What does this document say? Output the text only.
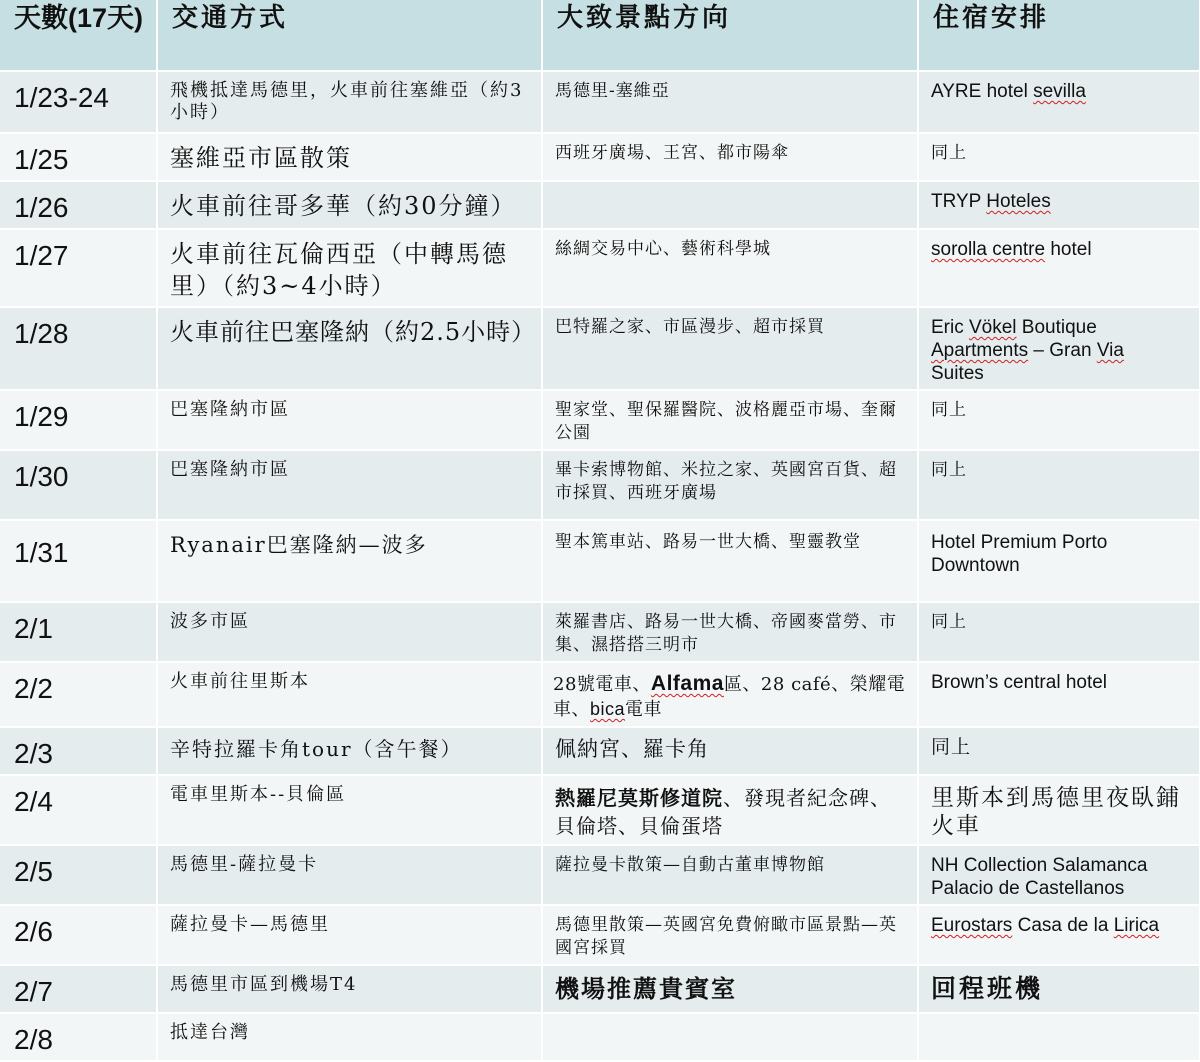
天數(17天)	交通方式	大致景點方向	住宿安排
1/23-24	飛機抵達馬德里，火車前往塞維亞（約3小時）	馬德里-塞維亞	AYRE hotel sevilla
1/25	塞維亞市區散策	西班牙廣場、王宮、都市陽傘	同上
1/26	火車前往哥多華（約30分鐘）		TRYP Hoteles
1/27	火車前往瓦倫西亞（中轉馬德里）（約3~4小時）	絲綢交易中心、藝術科學城	sorolla centre hotel
1/28	火車前往巴塞隆納（約2.5小時）	巴特羅之家、市區漫步、超市採買	Eric Vökel Boutique
Apartments – Gran Via
Suites
1/29	巴塞隆納市區	聖家堂、聖保羅醫院、波格麗亞市場、奎爾公園	同上
1/30	巴塞隆納市區	畢卡索博物館、米拉之家、英國宮百貨、超市採買、西班牙廣場	同上
1/31	Ryanair巴塞隆納—波多	聖本篤車站、路易一世大橋、聖靈教堂	Hotel Premium Porto
Downtown
2/1	波多市區	萊羅書店、路易一世大橋、帝國麥當勞、市集、濕搭搭三明市	同上
2/2	火車前往里斯本	28號電車、Alfama區、28 café、榮耀電車、bica電車	Brown’s central hotel
2/3	辛特拉羅卡角tour（含午餐）	佩納宮、羅卡角	同上
2/4	電車里斯本--貝倫區	熱羅尼莫斯修道院、發現者紀念碑、貝倫塔、貝倫蛋塔	里斯本到馬德里夜臥鋪火車
2/5	馬德里-薩拉曼卡	薩拉曼卡散策—自動古董車博物館	NH Collection Salamanca
Palacio de Castellanos
2/6	薩拉曼卡—馬德里	馬德里散策—英國宮免費俯瞰市區景點—英國宮採買	Eurostars Casa de la Lirica
2/7	馬德里市區到機場T4	機場推薦貴賓室	回程班機
2/8	抵達台灣		
